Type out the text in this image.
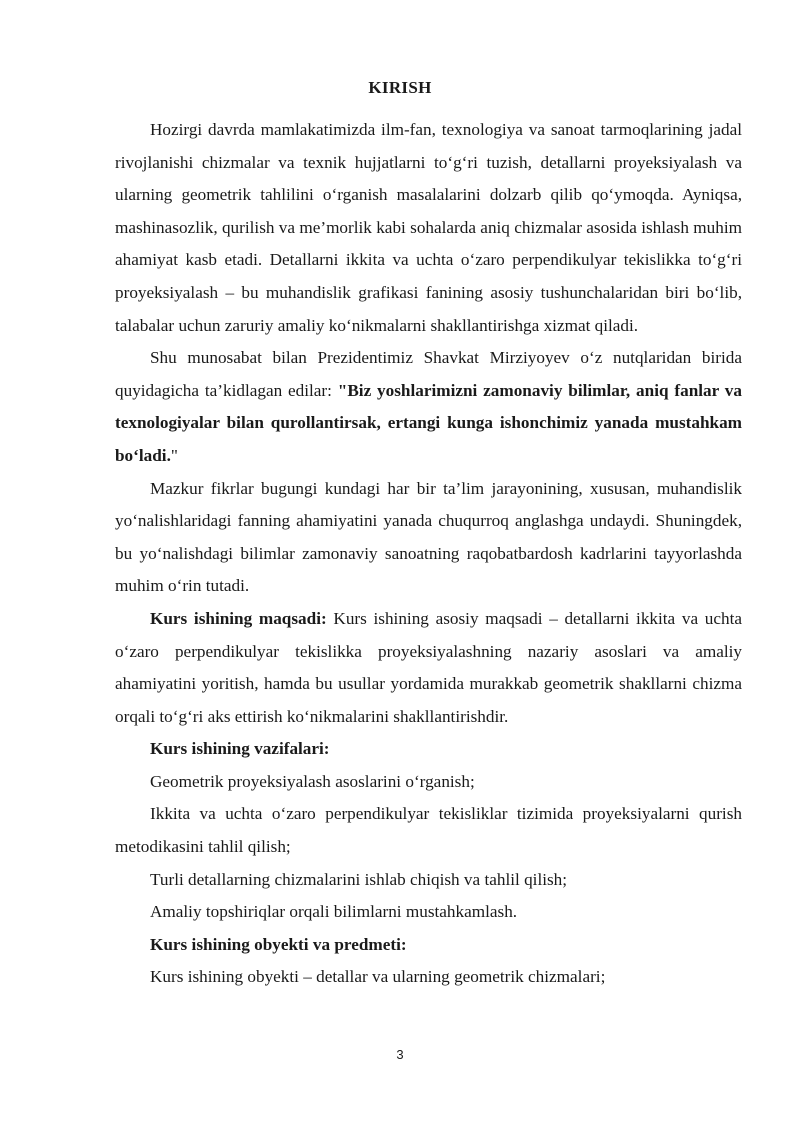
KIRISH

Hozirgi davrda mamlakatimizda ilm-fan, texnologiya va sanoat tarmoqlarining jadal rivojlanishi chizmalar va texnik hujjatlarni to‘g‘ri tuzish, detallarni proyeksiyalash va ularning geometrik tahlilini o‘rganish masalalarini dolzarb qilib qo‘ymoqda. Ayniqsa, mashinasozlik, qurilish va me’morlik kabi sohalarda aniq chizmalar asosida ishlash muhim ahamiyat kasb etadi. Detallarni ikkita va uchta o‘zaro perpendikulyar tekislikka to‘g‘ri proyeksiyalash – bu muhandislik grafikasi fanining asosiy tushunchalaridan biri bo‘lib, talabalar uchun zaruriy amaliy ko‘nikmalarni shakllantirishga xizmat qiladi.

Shu munosabat bilan Prezidentimiz Shavkat Mirziyoyev o‘z nutqlaridan birida quyidagicha ta’kidlagan edilar: "Biz yoshlarimizni zamonaviy bilimlar, aniq fanlar va texnologiyalar bilan qurollantirsak, ertangi kunga ishonchimiz yanada mustahkam bo‘ladi."

Mazkur fikrlar bugungi kundagi har bir ta’lim jarayonining, xususan, muhandislik yo‘nalishlaridagi fanning ahamiyatini yanada chuqurroq anglashga undaydi. Shuningdek, bu yo‘nalishdagi bilimlar zamonaviy sanoatning raqobatbardosh kadrlarini tayyorlashda muhim o‘rin tutadi.

Kurs ishining maqsadi: Kurs ishining asosiy maqsadi – detallarni ikkita va uchta o‘zaro perpendikulyar tekislikka proyeksiyalashning nazariy asoslari va amaliy ahamiyatini yoritish, hamda bu usullar yordamida murakkab geometrik shakllarni chizma orqali to‘g‘ri aks ettirish ko‘nikmalarini shakllantirishdir.

Kurs ishining vazifalari:

Geometrik proyeksiyalash asoslarini o‘rganish;

Ikkita va uchta o‘zaro perpendikulyar tekisliklar tizimida proyeksiyalarni qurish metodikasini tahlil qilish;

Turli detallarning chizmalarini ishlab chiqish va tahlil qilish;

Amaliy topshiriqlar orqali bilimlarni mustahkamlash.

Kurs ishining obyekti va predmeti:

Kurs ishining obyekti – detallar va ularning geometrik chizmalari;

3
